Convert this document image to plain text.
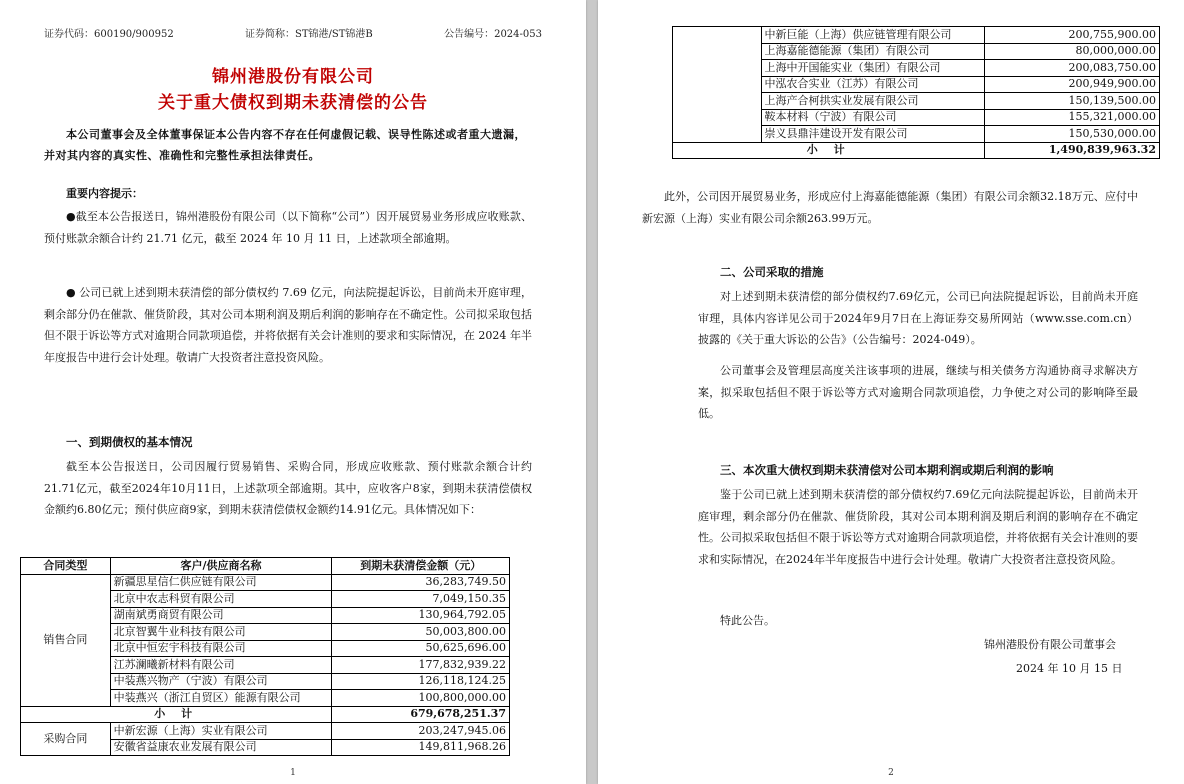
证券代码：600190/900952	证券简称：ST锦港/ST锦港B	公告编号：2024-053
锦州港股份有限公司
关于重大债权到期未获清偿的公告
本公司董事会及全体董事保证本公告内容不存在任何虚假记载、误导性陈述或者重大遗漏，并对其内容的真实性、准确性和完整性承担法律责任。
重要内容提示：
●截至本公告报送日，锦州港股份有限公司（以下简称“公司”）因开展贸易业务形成应收账款、预付账款余额合计约 21.71 亿元，截至 2024 年 10 月 11 日，上述款项全部逾期。
● 公司已就上述到期未获清偿的部分债权约 7.69 亿元，向法院提起诉讼，目前尚未开庭审理，剩余部分仍在催款、催货阶段，其对公司本期利润及期后利润的影响存在不确定性。公司拟采取包括但不限于诉讼等方式对逾期合同款项追偿，并将依据有关会计准则的要求和实际情况，在 2024 年半年度报告中进行会计处理。敬请广大投资者注意投资风险。
一、到期债权的基本情况
截至本公告报送日，公司因履行贸易销售、采购合同，形成应收账款、预付账款余额合计约21.71亿元，截至2024年10月11日，上述款项全部逾期。其中，应收客户8家，到期未获清偿债权金额约6.80亿元；预付供应商9家，到期未获清偿债权金额约14.91亿元。具体情况如下：
合同类型	客户/供应商名称	到期未获清偿金额（元）
销售合同	新疆思星信仁供应链有限公司	36,283,749.50
	北京中农志科贸有限公司	7,049,150.35
	湖南斌勇商贸有限公司	130,964,792.05
	北京智翼牛业科技有限公司	50,003,800.00
	北京中恒宏宇科技有限公司	50,625,696.00
	江苏澜曦新材料有限公司	177,832,939.22
	中装燕兴物产（宁波）有限公司	126,118,124.25
	中装燕兴（浙江自贸区）能源有限公司	100,800,000.00
小 计		679,678,251.37
采购合同	中新宏源（上海）实业有限公司	203,247,945.06
	安徽省益康农业发展有限公司	149,811,968.26
1
	中新巨能（上海）供应链管理有限公司	200,755,900.00
	上海嘉能德能源（集团）有限公司	80,000,000.00
	上海中开国能实业（集团）有限公司	200,083,750.00
	中泓农合实业（江苏）有限公司	200,949,900.00
	上海产合柯拱实业发展有限公司	150,139,500.00
	鞍本材料（宁波）有限公司	155,321,000.00
	崇义县鼎沣建设开发有限公司	150,530,000.00
小 计		1,490,839,963.32
此外，公司因开展贸易业务，形成应付上海嘉能德能源（集团）有限公司余额32.18万元、应付中新宏源（上海）实业有限公司余额263.99万元。
二、公司采取的措施
对上述到期未获清偿的部分债权约7.69亿元，公司已向法院提起诉讼，目前尚未开庭审理，具体内容详见公司于2024年9月7日在上海证券交易所网站（www.sse.com.cn）披露的《关于重大诉讼的公告》（公告编号：2024-049）。
公司董事会及管理层高度关注该事项的进展，继续与相关债务方沟通协商寻求解决方案，拟采取包括但不限于诉讼等方式对逾期合同款项追偿，力争使之对公司的影响降至最低。
三、本次重大债权到期未获清偿对公司本期利润或期后利润的影响
鉴于公司已就上述到期未获清偿的部分债权约7.69亿元向法院提起诉讼，目前尚未开庭审理，剩余部分仍在催款、催货阶段，其对公司本期利润及期后利润的影响存在不确定性。公司拟采取包括但不限于诉讼等方式对逾期合同款项追偿，并将依据有关会计准则的要求和实际情况，在2024年半年度报告中进行会计处理。敬请广大投资者注意投资风险。
特此公告。
锦州港股份有限公司董事会
2024 年 10 月 15 日
2
